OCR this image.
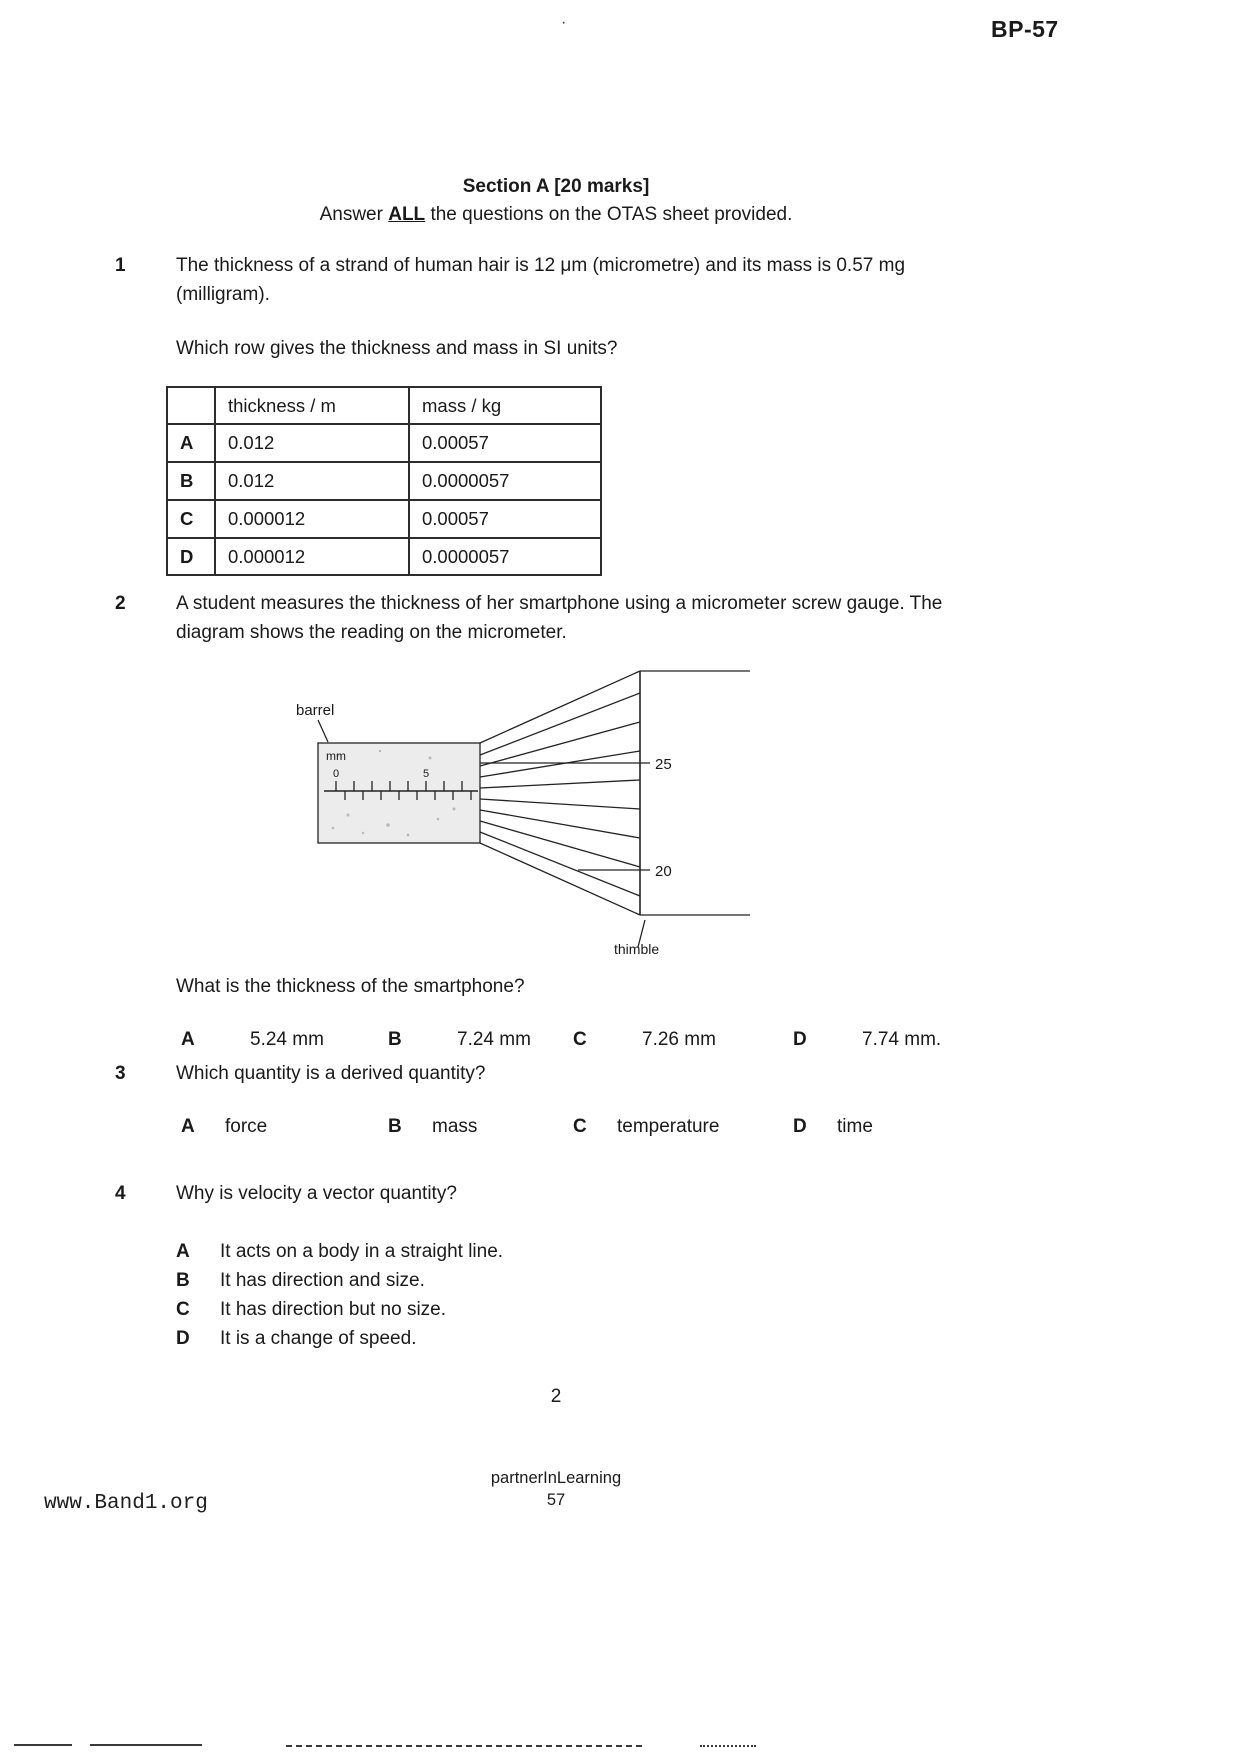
BP-57
·
Section A [20 marks]
Answer ALL the questions on the OTAS sheet provided.
1	The thickness of a strand of human hair is 12 μm (micrometre) and its mass is 0.57 mg (milligram).

Which row gives the thickness and mass in SI units?

	thickness / m	mass / kg
A	0.012	0.00057
B	0.012	0.0000057
C	0.000012	0.00057
D	0.000012	0.0000057
2	A student measures the thickness of her smartphone using a micrometer screw gauge. The diagram shows the reading on the micrometer.

barrel
mm
0	5
25
20
thimble

What is the thickness of the smartphone?

A	5.24 mm	B	7.24 mm C	7.26 mm	D	7.74 mm.
3	Which quantity is a derived quantity?

A	force	B	mass	C	temperature	D	time
4	Why is velocity a vector quantity?

A	It acts on a body in a straight line.
B	It has direction and size.
C	It has direction but no size.
D	It is a change of speed.
2
partnerInLearning
57
www.Band1.org
